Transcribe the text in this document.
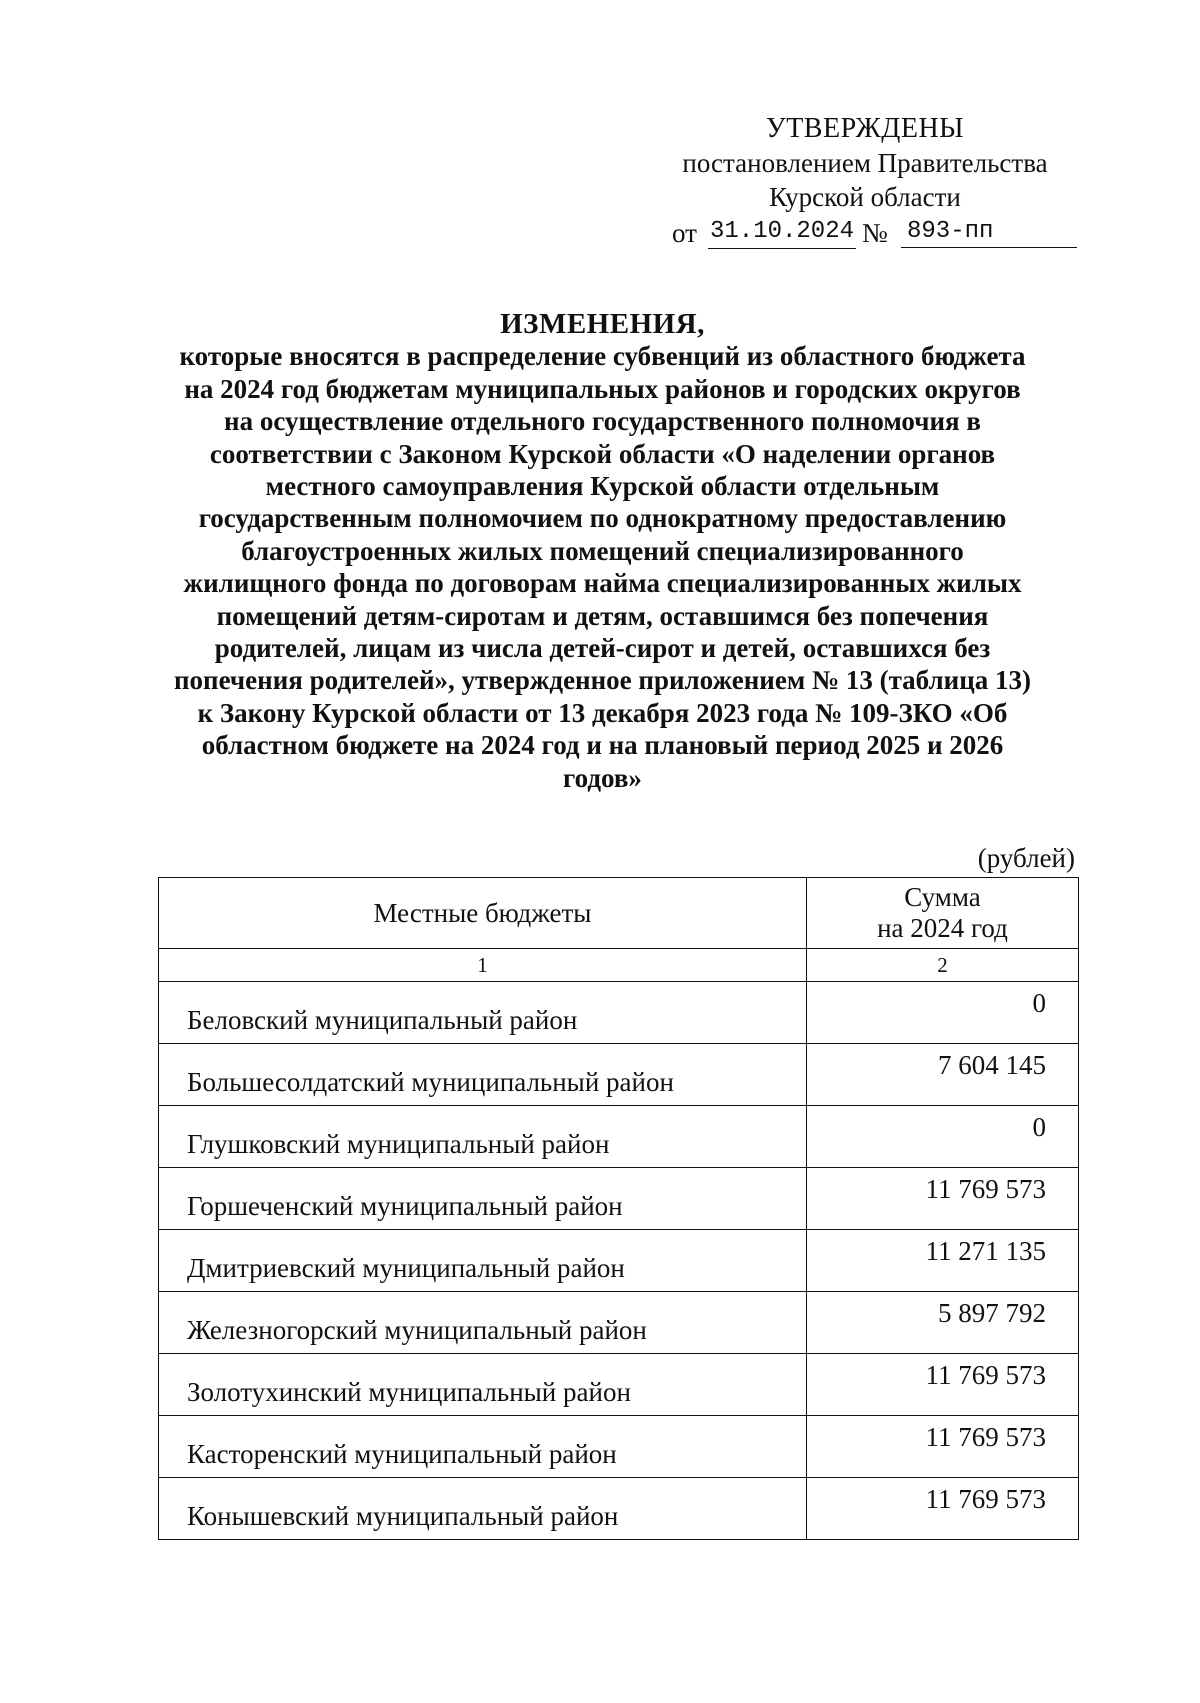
УТВЕРЖДЕНЫ
постановлением Правительства
Курской области
от 31.10.2024 № 893-пп
ИЗМЕНЕНИЯ,
которые вносятся в распределение субвенций из областного бюджета
на 2024 год бюджетам муниципальных районов и городских округов
на осуществление отдельного государственного полномочия в
соответствии с Законом Курской области «О наделении органов
местного самоуправления Курской области отдельным
государственным полномочием по однократному предоставлению
благоустроенных жилых помещений специализированного
жилищного фонда по договорам найма специализированных жилых
помещений детям-сиротам и детям, оставшимся без попечения
родителей, лицам из числа детей-сирот и детей, оставшихся без
попечения родителей», утвержденное приложением № 13 (таблица 13)
к Закону Курской области от 13 декабря 2023 года № 109-ЗКО «Об
областном бюджете на 2024 год и на плановый период 2025 и 2026
годов»
(рублей)
Местные бюджеты	Сумма
на 2024 год

1	2
Беловский муниципальный район	0
Большесолдатский муниципальный район	7 604 145
Глушковский муниципальный район	0
Горшеченский муниципальный район	11 769 573
Дмитриевский муниципальный район	11 271 135
Железногорский муниципальный район	5 897 792
Золотухинский муниципальный район	11 769 573
Касторенский муниципальный район	11 769 573
Конышевский муниципальный район	11 769 573
